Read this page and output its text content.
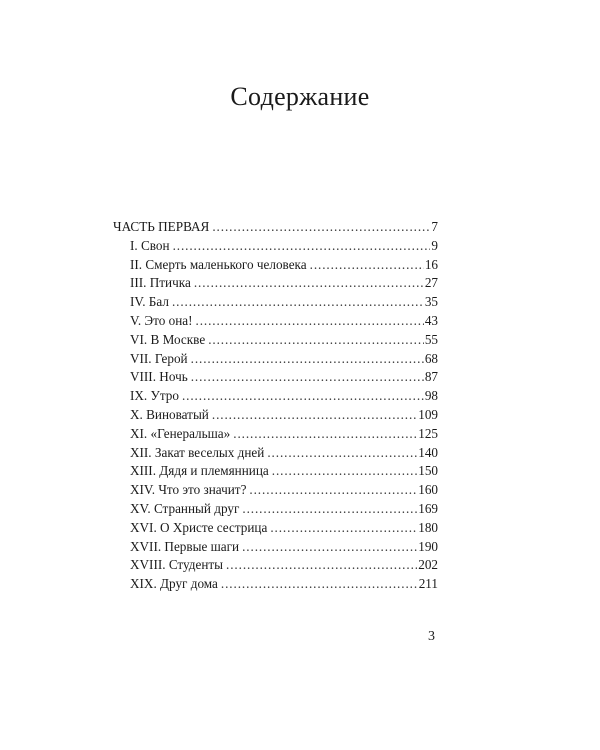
Содержание
ЧАСТЬ ПЕРВАЯ . . .	7
I. Свон . . .	9
II. Смерть маленького человека . . .	16
III. Птичка . . .	27
IV. Бал . . .	35
V. Это она! . . .	43
VI. В Москве . . .	55
VII. Герой . . .	68
VIII. Ночь . . .	87
IX. Утро . . .	98
X. Виноватый . . .	109
XI. «Генеральша» . . .	125
XII. Закат веселых дней . . .	140
XIII. Дядя и племянница . . .	150
XIV. Что это значит? . . .	160
XV. Странный друг . . .	169
XVI. О Христе сестрица . . .	180
XVII. Первые шаги . . .	190
XVIII. Студенты . . .	202
XIX. Друг дома . . .	211
3
